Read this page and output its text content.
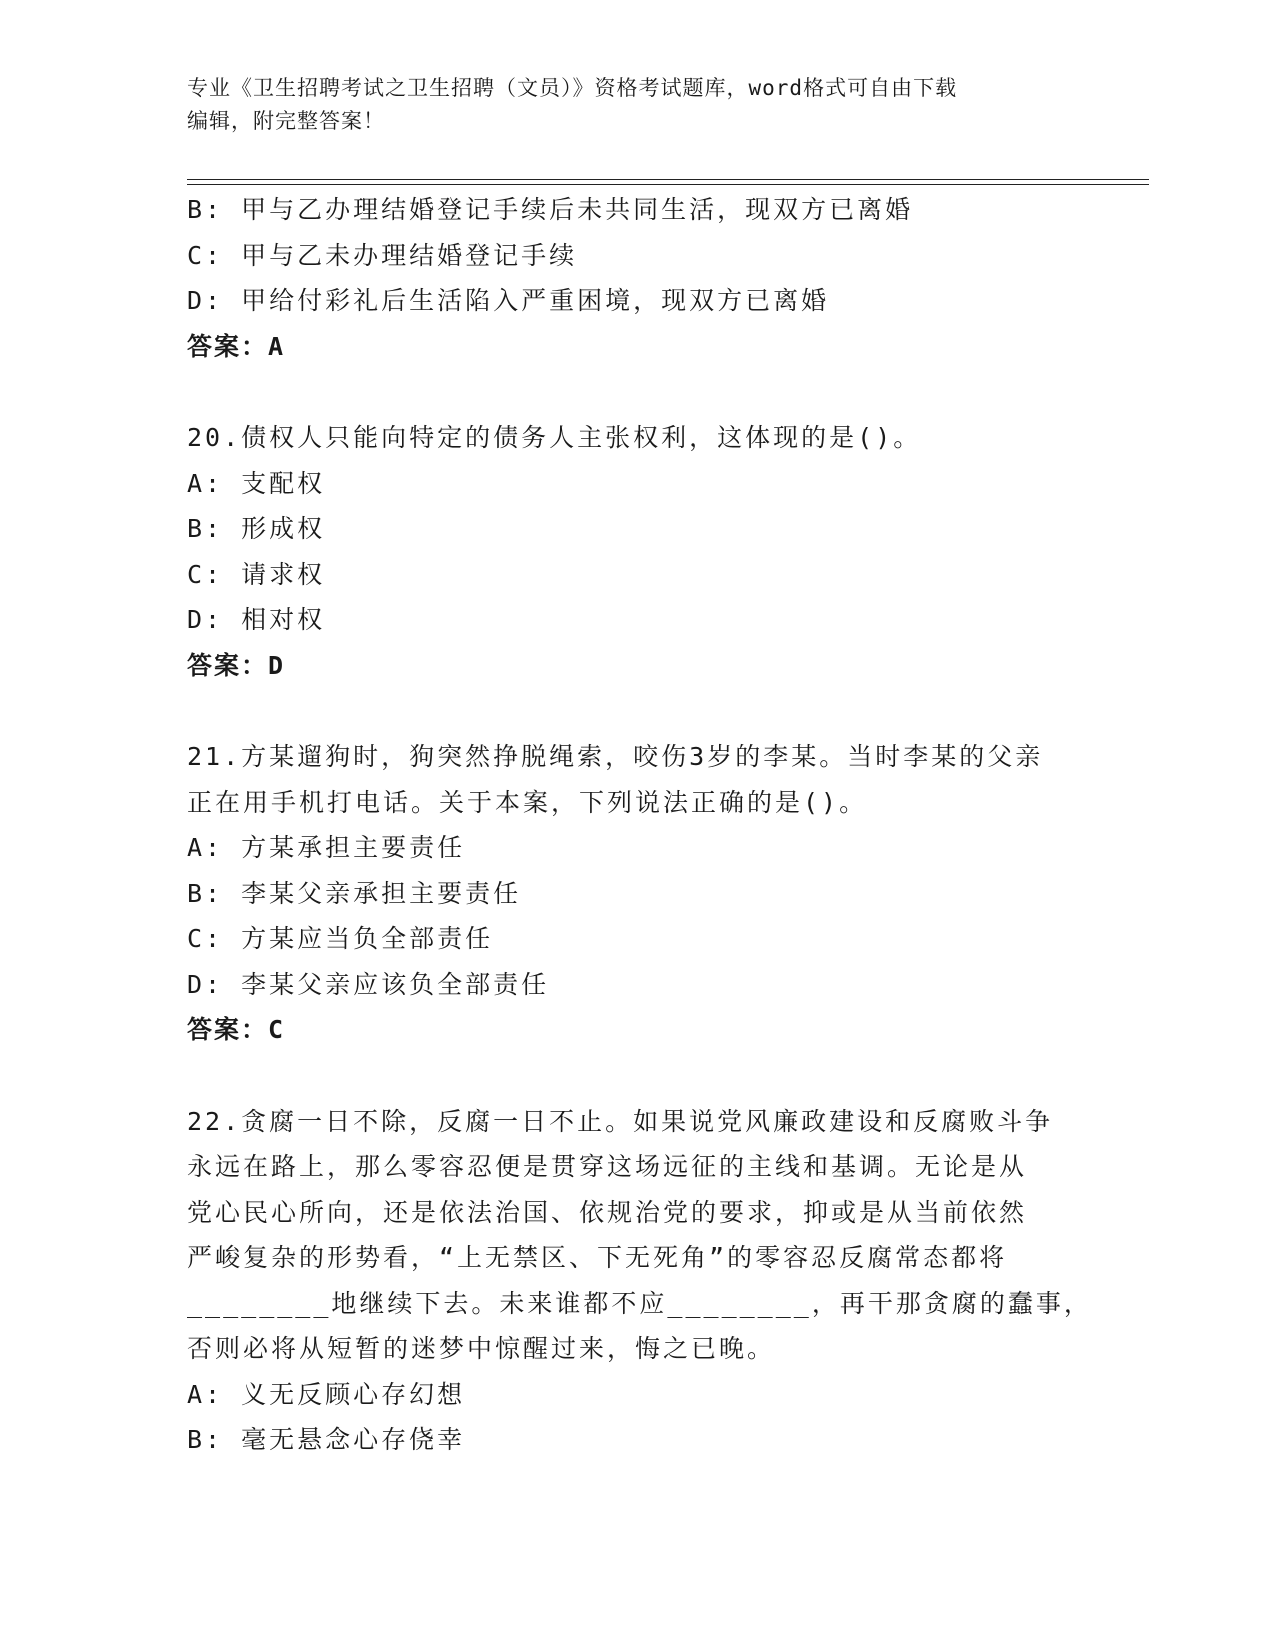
专业《卫生招聘考试之卫生招聘（文员）》资格考试题库，word格式可自由下载
编辑，附完整答案！
B: 甲与乙办理结婚登记手续后未共同生活，现双方已离婚
C: 甲与乙未办理结婚登记手续
D: 甲给付彩礼后生活陷入严重困境，现双方已离婚
答案：A
20.债权人只能向特定的债务人主张权利，这体现的是()。
A: 支配权
B: 形成权
C: 请求权
D: 相对权
答案：D
21.方某遛狗时，狗突然挣脱绳索，咬伤3岁的李某。当时李某的父亲
正在用手机打电话。关于本案，下列说法正确的是()。
A: 方某承担主要责任
B: 李某父亲承担主要责任
C: 方某应当负全部责任
D: 李某父亲应该负全部责任
答案：C
22.贪腐一日不除，反腐一日不止。如果说党风廉政建设和反腐败斗争
永远在路上，那么零容忍便是贯穿这场远征的主线和基调。无论是从
党心民心所向，还是依法治国、依规治党的要求，抑或是从当前依然
严峻复杂的形势看，“上无禁区、下无死角”的零容忍反腐常态都将
________地继续下去。未来谁都不应________，再干那贪腐的蠢事，
否则必将从短暂的迷梦中惊醒过来，悔之已晚。
A: 义无反顾心存幻想
B: 毫无悬念心存侥幸
